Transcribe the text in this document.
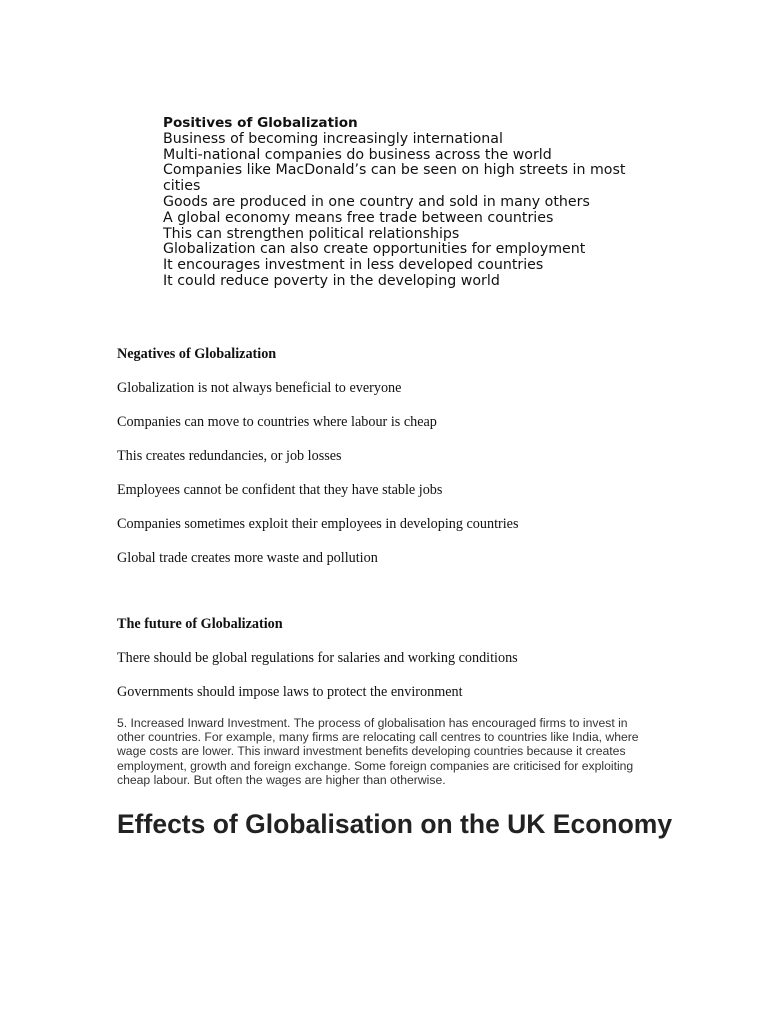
Positives of Globalization
Business of becoming increasingly international
Multi-national companies do business across the world
Companies like MacDonald’s can be seen on high streets in most cities
Goods are produced in one country and sold in many others
A global economy means free trade between countries
This can strengthen political relationships
Globalization can also create opportunities for employment
It encourages investment in less developed countries
It could reduce poverty in the developing world
Negatives of Globalization
Globalization is not always beneficial to everyone
Companies can move to countries where labour is cheap
This creates redundancies, or job losses
Employees cannot be confident that they have stable jobs
Companies sometimes exploit their employees in developing countries
Global trade creates more waste and pollution
The future of Globalization
There should be global regulations for salaries and working conditions
Governments should impose laws to protect the environment

5. Increased Inward Investment. The process of globalisation has encouraged firms to invest in other countries. For example, many firms are relocating call centres to countries like India, where wage costs are lower. This inward investment benefits developing countries because it creates employment, growth and foreign exchange. Some foreign companies are criticised for exploiting cheap labour. But often the wages are higher than otherwise.

Effects of Globalisation on the UK Economy
